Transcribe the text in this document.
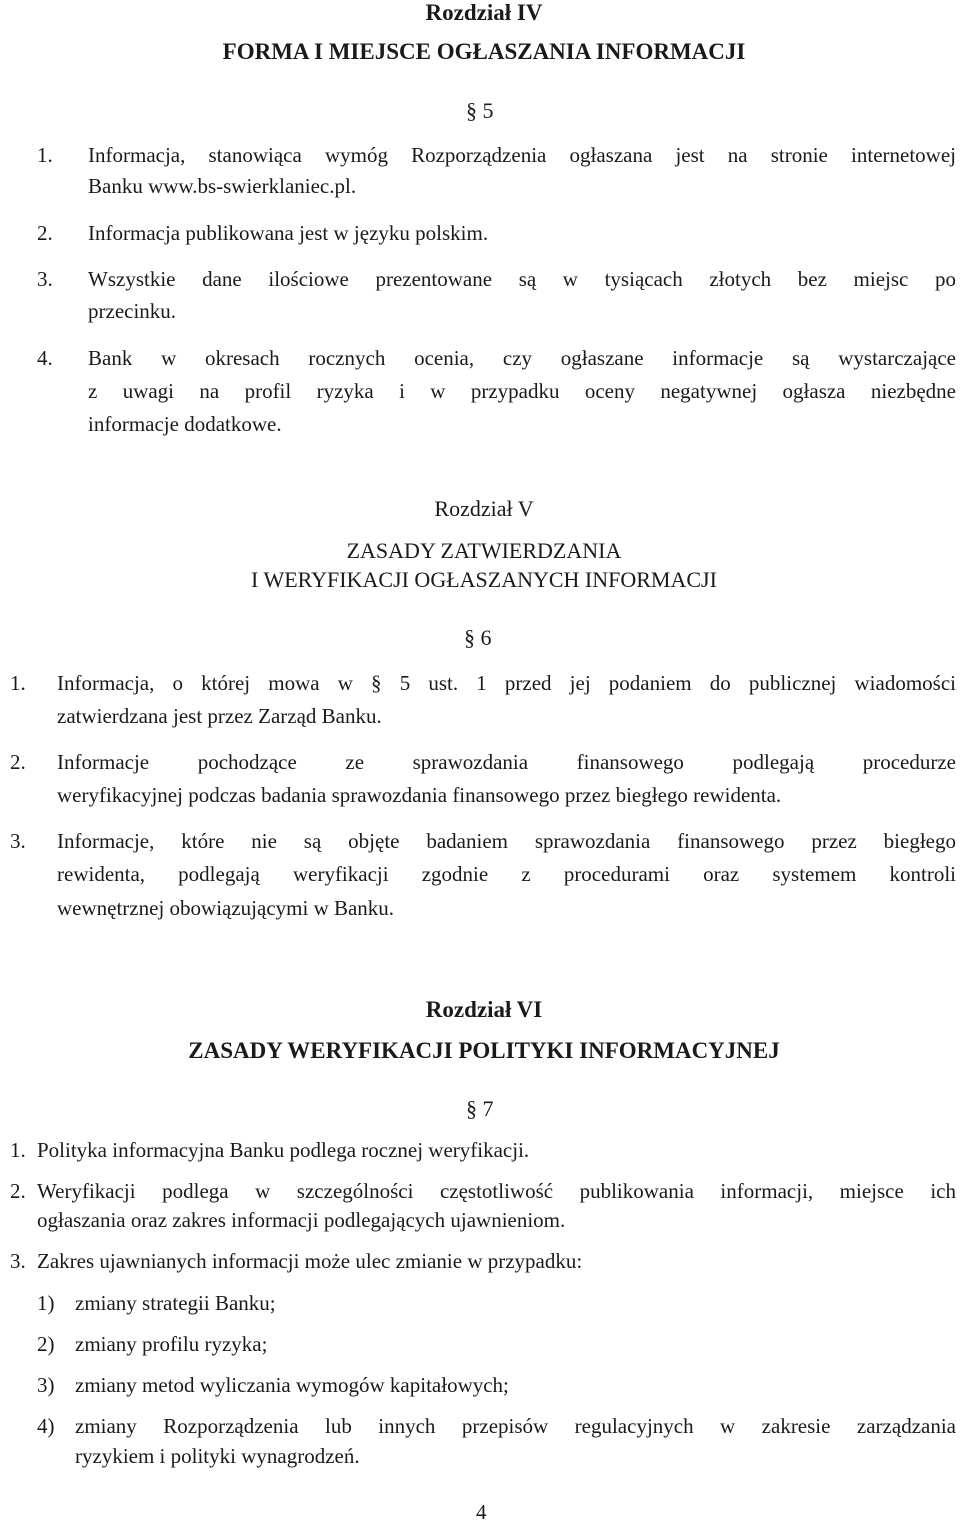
Rozdział IV
FORMA I MIEJSCE OGŁASZANIA INFORMACJI
§ 5
1. Informacja, stanowiąca wymóg Rozporządzenia ogłaszana jest na stronie internetowej
Banku www.bs-swierklaniec.pl.
2. Informacja publikowana jest w języku polskim.
3. Wszystkie dane ilościowe prezentowane są w tysiącach złotych bez miejsc po
przecinku.
4. Bank w okresach rocznych ocenia, czy ogłaszane informacje są wystarczające
z uwagi na profil ryzyka i w przypadku oceny negatywnej ogłasza niezbędne
informacje dodatkowe.
Rozdział V
ZASADY ZATWIERDZANIA
I WERYFIKACJI OGŁASZANYCH INFORMACJI
§ 6
1. Informacja, o której mowa w § 5 ust. 1 przed jej podaniem do publicznej wiadomości
zatwierdzana jest przez Zarząd Banku.
2. Informacje pochodzące ze sprawozdania finansowego podlegają procedurze
weryfikacyjnej podczas badania sprawozdania finansowego przez biegłego rewidenta.
3. Informacje, które nie są objęte badaniem sprawozdania finansowego przez biegłego
rewidenta, podlegają weryfikacji zgodnie z procedurami oraz systemem kontroli
wewnętrznej obowiązującymi w Banku.
Rozdział VI
ZASADY WERYFIKACJI POLITYKI INFORMACYJNEJ
§ 7
1. Polityka informacyjna Banku podlega rocznej weryfikacji.
2. Weryfikacji podlega w szczególności częstotliwość publikowania informacji, miejsce ich
ogłaszania oraz zakres informacji podlegających ujawnieniom.
3. Zakres ujawnianych informacji może ulec zmianie w przypadku:
1) zmiany strategii Banku;
2) zmiany profilu ryzyka;
3) zmiany metod wyliczania wymogów kapitałowych;
4) zmiany Rozporządzenia lub innych przepisów regulacyjnych w zakresie zarządzania
ryzykiem i polityki wynagrodzeń.
4
